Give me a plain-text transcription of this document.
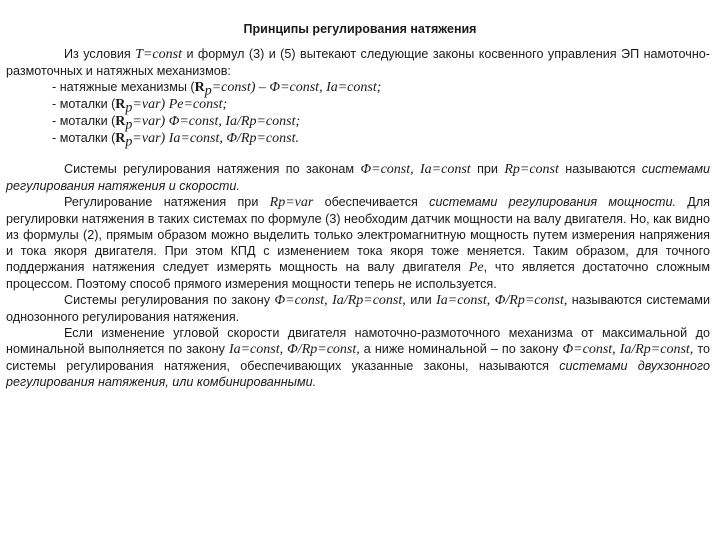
Принципы регулирования натяжения

Из условия T=const и формул (3) и (5) вытекают следующие законы косвенного управления ЭП намоточно-размоточных и натяжных механизмов:

- натяжные механизмы $(R_р=const)$ – Φ=const, Iа=const;

- моталки $(R_р=var)$ Pе=const;

- моталки $(R_р=var)$ Φ=const, Iа/Rр=const;

- моталки $(R_р=var)$ Iа=const, Φ/Rр=const.

Системы регулирования натяжения по законам Φ=const, Iа=const при Rр=const называются системами регулирования натяжения и скорости.

Регулирование натяжения при Rр=var обеспечивается системами регулирования мощности. Для регулировки натяжения в таких системах по формуле (3) необходим датчик мощности на валу двигателя. Но, как видно из формулы (2), прямым образом можно выделить только электромагнитную мощность путем измерения напряжения и тока якоря двигателя. При этом КПД с изменением тока якоря тоже меняется. Таким образом, для точного поддержания натяжения следует измерять мощность на валу двигателя Pе, что является достаточно сложным процессом. Поэтому способ прямого измерения мощности теперь не используется.

Системы регулирования по закону Φ=const, Iа/Rр=const, или Iа=const, Φ/Rр=const, называются системами однозонного регулирования натяжения.

Если изменение угловой скорости двигателя намоточно-размоточного механизма от максимальной до номинальной выполняется по закону Iа=const, Φ/Rр=const, а ниже номинальной – по закону Φ=const, Iа/Rр=const, то системы регулирования натяжения, обеспечивающих указанные законы, называются системами двухзонного регулирования натяжения, или комбинированными.
